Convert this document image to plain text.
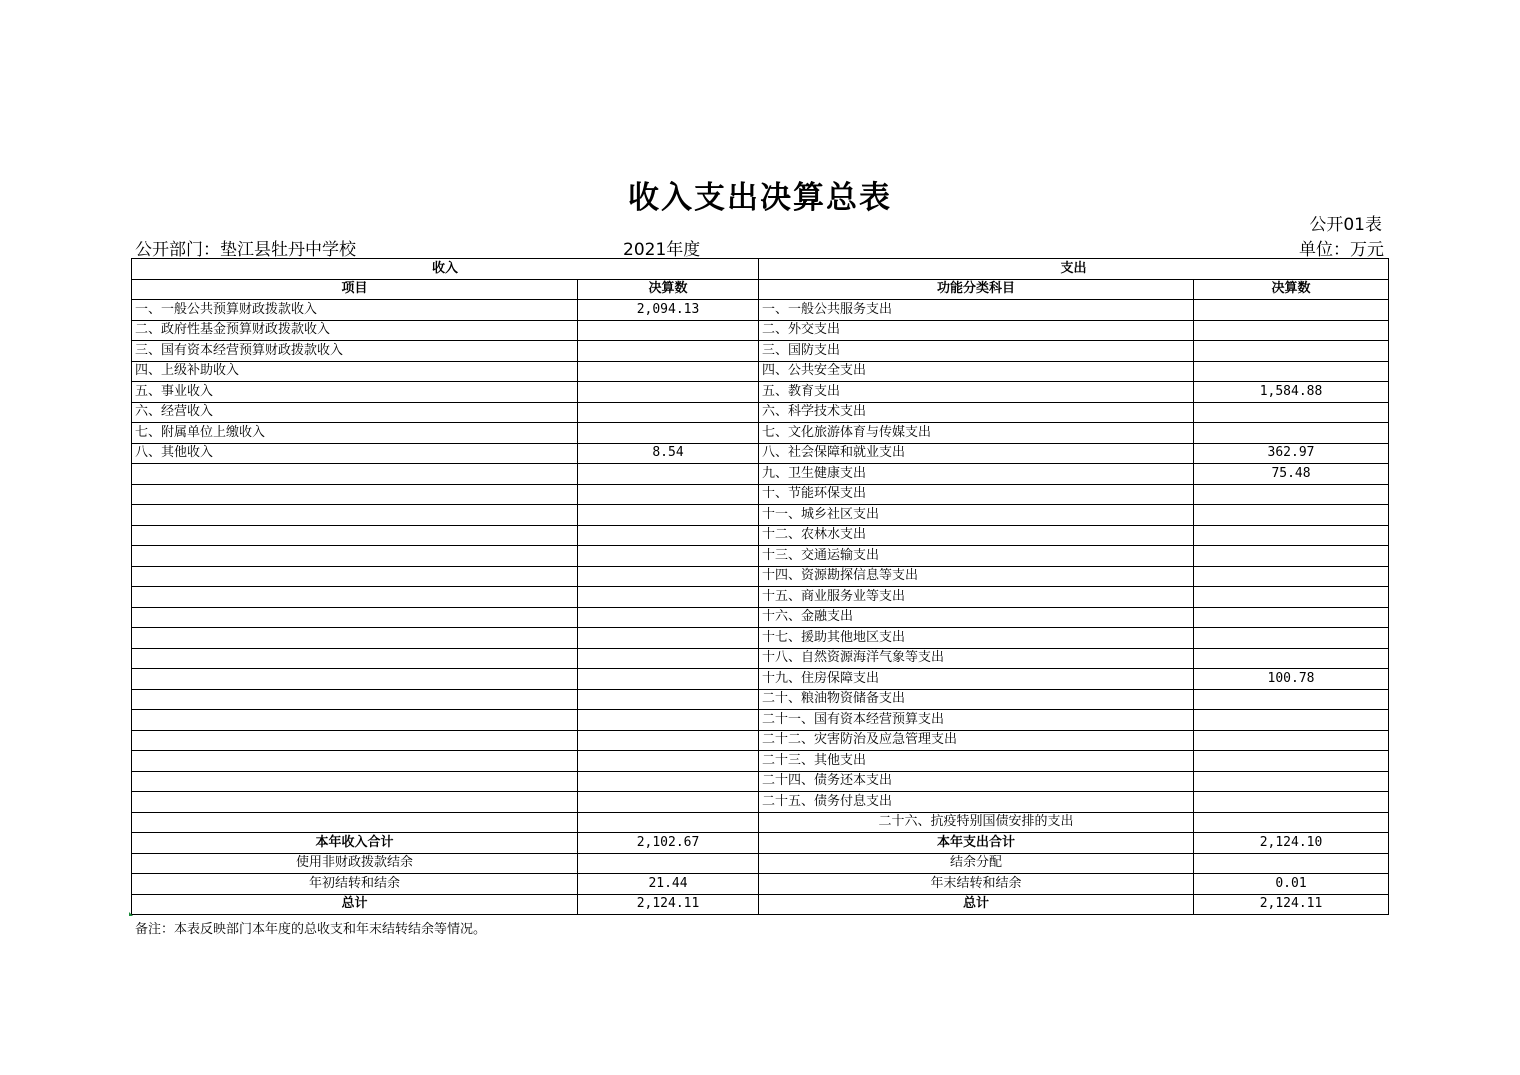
收入支出决算总表
公开01表
公开部门：垫江县牡丹中学校	2021年度	单位：万元
收入		支出	
项目	决算数	功能分类科目	决算数
一、一般公共预算财政拨款收入	2,094.13	一、一般公共服务支出	
二、政府性基金预算财政拨款收入		二、外交支出	
三、国有资本经营预算财政拨款收入		三、国防支出	
四、上级补助收入		四、公共安全支出	
五、事业收入		五、教育支出	1,584.88
六、经营收入		六、科学技术支出	
七、附属单位上缴收入		七、文化旅游体育与传媒支出	
八、其他收入	8.54	八、社会保障和就业支出	362.97
		九、卫生健康支出	75.48
		十、节能环保支出	
		十一、城乡社区支出	
		十二、农林水支出	
		十三、交通运输支出	
		十四、资源勘探信息等支出	
		十五、商业服务业等支出	
		十六、金融支出	
		十七、援助其他地区支出	
		十八、自然资源海洋气象等支出	
		十九、住房保障支出	100.78
		二十、粮油物资储备支出	
		二十一、国有资本经营预算支出	
		二十二、灾害防治及应急管理支出	
		二十三、其他支出	
		二十四、债务还本支出	
		二十五、债务付息支出	
		二十六、抗疫特别国债安排的支出	
本年收入合计	2,102.67	本年支出合计	2,124.10
使用非财政拨款结余		结余分配	
年初结转和结余	21.44	年末结转和结余	0.01
总计	2,124.11	总计	2,124.11
备注：本表反映部门本年度的总收支和年末结转结余等情况。
